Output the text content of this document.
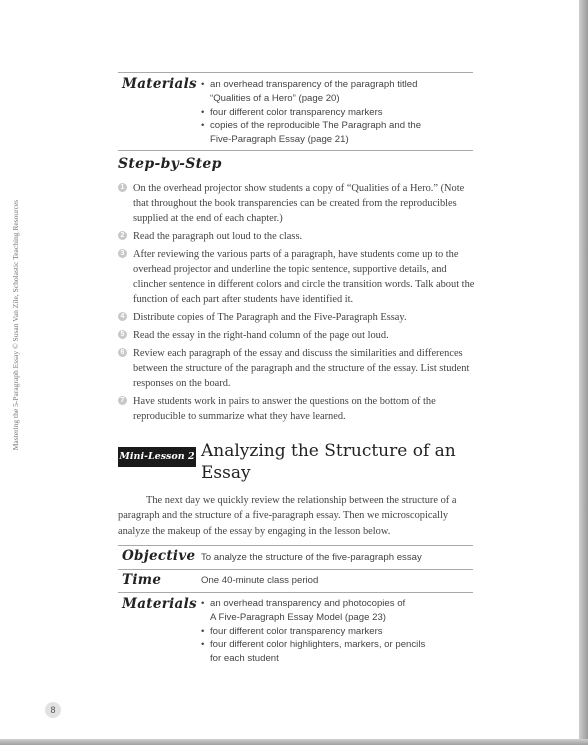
Mastering the 5-Paragraph Essay © Susan Van Zile, Scholastic Teaching Resources
Materials	• an overhead transparency of the paragraph titled
“Qualities of a Hero” (page 20)
• four different color transparency markers
• copies of the reproducible The Paragraph and the
Five-Paragraph Essay (page 21)
Step-by-Step
1 On the overhead projector show students a copy of “Qualities of a Hero.” (Note that throughout the book transparencies can be created from the reproducibles supplied at the end of each chapter.)
2 Read the paragraph out loud to the class.
3 After reviewing the various parts of a paragraph, have students come up to the overhead projector and underline the topic sentence, supportive details, and clincher sentence in different colors and circle the transition words. Talk about the function of each part after students have identified it.
4 Distribute copies of The Paragraph and the Five-Paragraph Essay.
5 Read the essay in the right-hand column of the page out loud.
6 Review each paragraph of the essay and discuss the similarities and differences between the structure of the paragraph and the structure of the essay. List student responses on the board.
7 Have students work in pairs to answer the questions on the bottom of the reproducible to summarize what they have learned.
Mini-Lesson 2 Analyzing the Structure of an Essay

The next day we quickly review the relationship between the structure of a paragraph and the structure of a five-paragraph essay. Then we microscopically analyze the makeup of the essay by engaging in the lesson below.

Objective To analyze the structure of the five-paragraph essay
Time	One 40-minute class period
Materials	• an overhead transparency and photocopies of
A Five-Paragraph Essay Model (page 23)
• four different color transparency markers
• four different color highlighters, markers, or pencils
for each student
8
